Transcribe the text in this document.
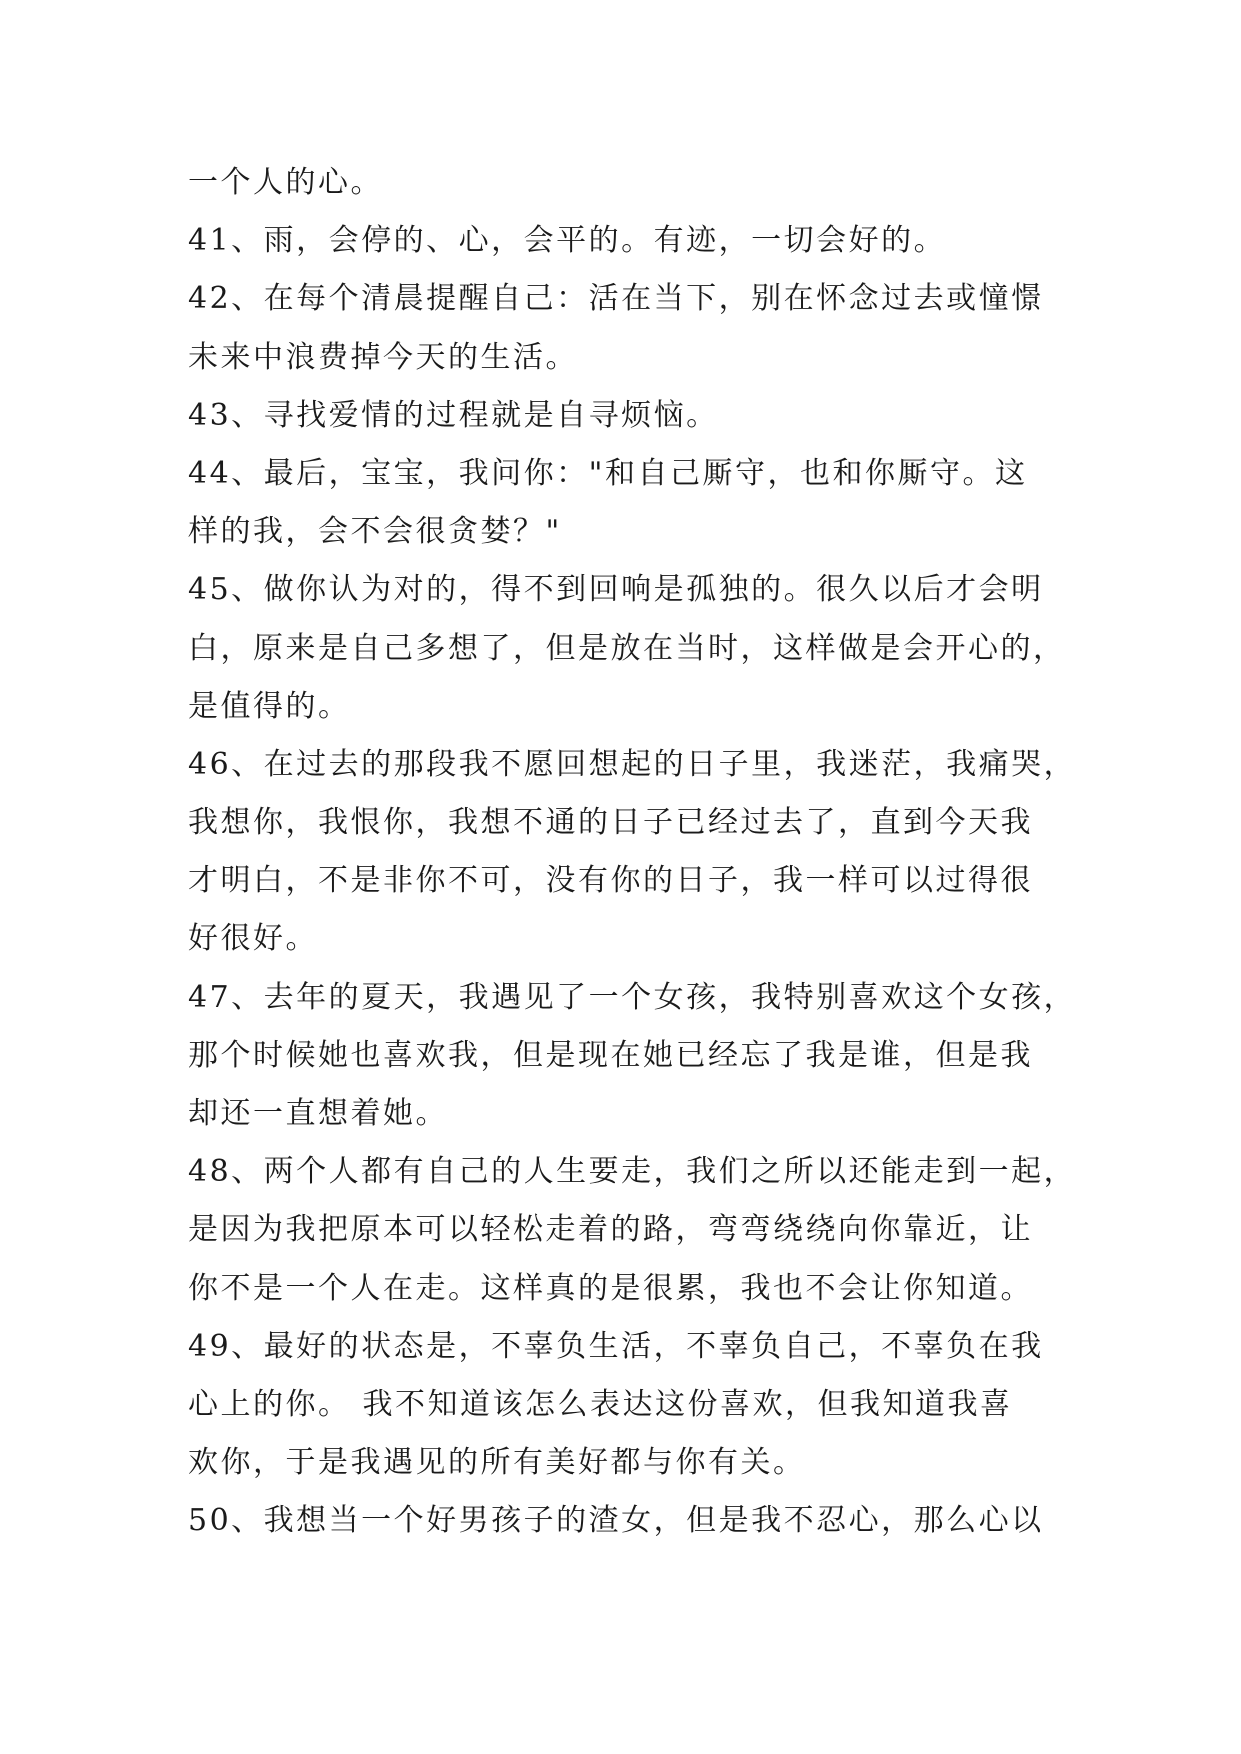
一个人的心。
41、雨，会停的、心，会平的。有迹，一切会好的。
42、在每个清晨提醒自己：活在当下，别在怀念过去或憧憬
未来中浪费掉今天的生活。
43、寻找爱情的过程就是自寻烦恼。
44、最后，宝宝，我问你："和自己厮守，也和你厮守。这
样的我，会不会很贪婪？"
45、做你认为对的，得不到回响是孤独的。很久以后才会明
白，原来是自己多想了，但是放在当时，这样做是会开心的，
是值得的。
46、在过去的那段我不愿回想起的日子里，我迷茫，我痛哭，
我想你，我恨你，我想不通的日子已经过去了，直到今天我
才明白，不是非你不可，没有你的日子，我一样可以过得很
好很好。
47、去年的夏天，我遇见了一个女孩，我特别喜欢这个女孩，
那个时候她也喜欢我，但是现在她已经忘了我是谁，但是我
却还一直想着她。
48、两个人都有自己的人生要走，我们之所以还能走到一起，
是因为我把原本可以轻松走着的路，弯弯绕绕向你靠近，让
你不是一个人在走。这样真的是很累，我也不会让你知道。
49、最好的状态是，不辜负生活，不辜负自己，不辜负在我
心上的你。 我不知道该怎么表达这份喜欢，但我知道我喜
欢你，于是我遇见的所有美好都与你有关。
50、我想当一个好男孩子的渣女，但是我不忍心，那么心以
